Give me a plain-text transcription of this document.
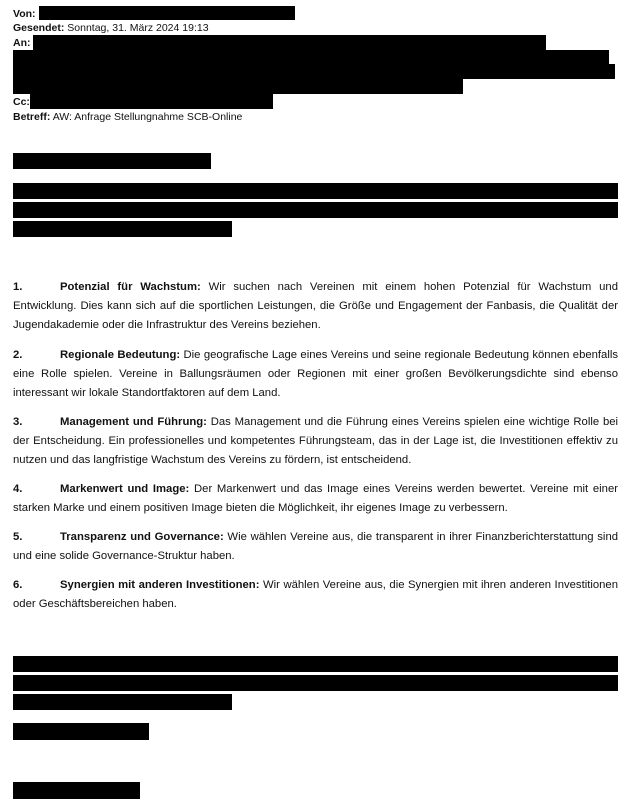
Von:
Gesendet: Sonntag, 31. März 2024 19:13
An:
Cc:
Betreff: AW: Anfrage Stellungnahme SCB-Online
1.	Potenzial für Wachstum: Wir suchen nach Vereinen mit einem hohen Potenzial für Wachstum und Entwicklung. Dies kann sich auf die sportlichen Leistungen, die Größe und Engagement der Fanbasis, die Qualität der Jugendakademie oder die Infrastruktur des Vereins beziehen.
2.	Regionale Bedeutung: Die geografische Lage eines Vereins und seine regionale Bedeutung können ebenfalls eine Rolle spielen. Vereine in Ballungsräumen oder Regionen mit einer großen Bevölkerungsdichte sind ebenso interessant wir lokale Standortfaktoren auf dem Land.
3.	Management und Führung: Das Management und die Führung eines Vereins spielen eine wichtige Rolle bei der Entscheidung. Ein professionelles und kompetentes Führungsteam, das in der Lage ist, die Investitionen effektiv zu nutzen und das langfristige Wachstum des Vereins zu fördern, ist entscheidend.
4.	Markenwert und Image: Der Markenwert und das Image eines Vereins werden bewertet. Vereine mit einer starken Marke und einem positiven Image bieten die Möglichkeit, ihr eigenes Image zu verbessern.
5.	Transparenz und Governance: Wie wählen Vereine aus, die transparent in ihrer Finanzberichterstattung sind und eine solide Governance-Struktur haben.
6.	Synergien mit anderen Investitionen: Wir wählen Vereine aus, die Synergien mit ihren anderen Investitionen oder Geschäftsbereichen haben.
